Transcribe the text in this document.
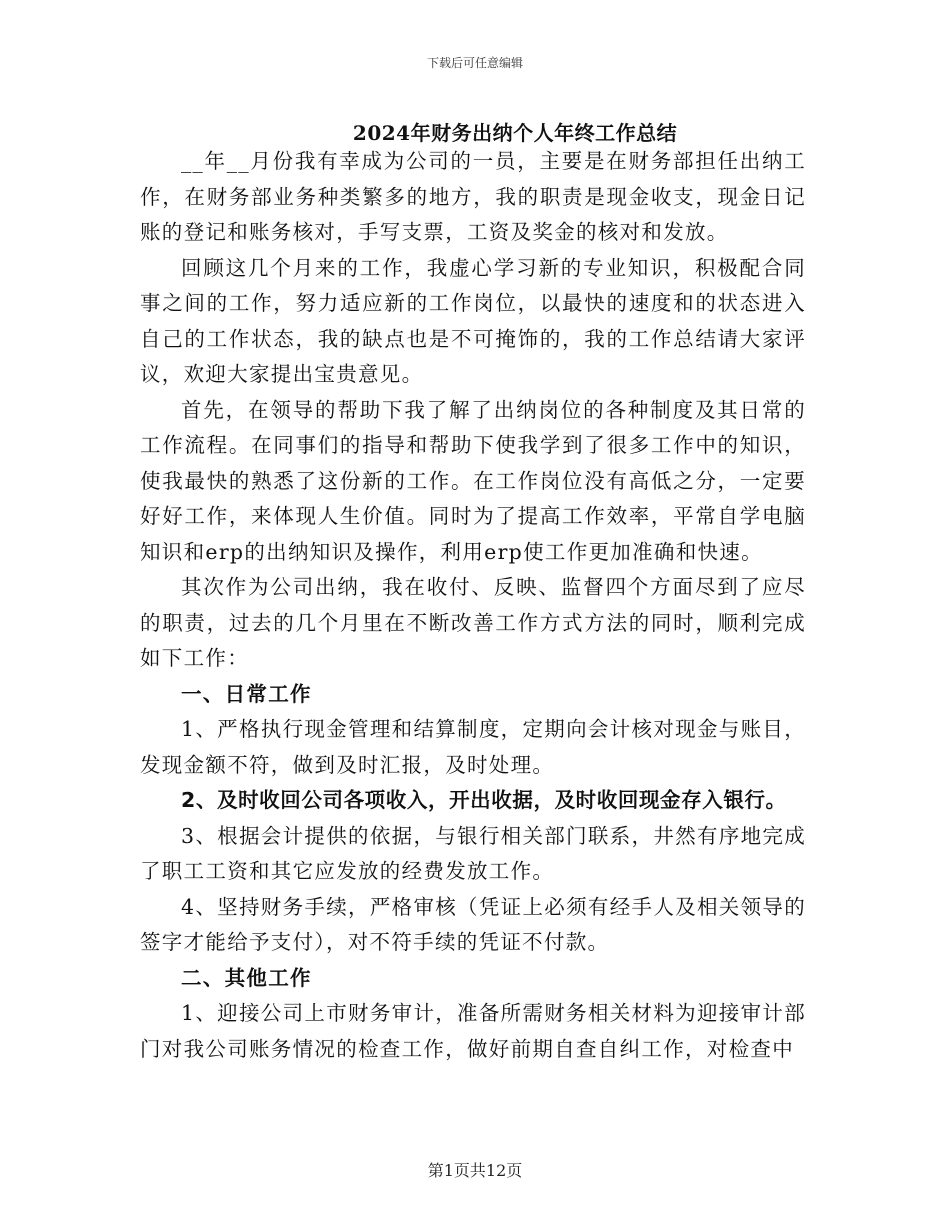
下载后可任意编辑
2024年财务出纳个人年终工作总结

__年__月份我有幸成为公司的一员，主要是在财务部担任出纳工作，在财务部业务种类繁多的地方，我的职责是现金收支，现金日记账的登记和账务核对，手写支票，工资及奖金的核对和发放。

回顾这几个月来的工作，我虚心学习新的专业知识，积极配合同事之间的工作，努力适应新的工作岗位，以最快的速度和的状态进入自己的工作状态，我的缺点也是不可掩饰的，我的工作总结请大家评议，欢迎大家提出宝贵意见。

首先，在领导的帮助下我了解了出纳岗位的各种制度及其日常的工作流程。在同事们的指导和帮助下使我学到了很多工作中的知识，使我最快的熟悉了这份新的工作。在工作岗位没有高低之分，一定要好好工作，来体现人生价值。同时为了提高工作效率，平常自学电脑知识和erp的出纳知识及操作，利用erp使工作更加准确和快速。

其次作为公司出纳，我在收付、反映、监督四个方面尽到了应尽的职责，过去的几个月里在不断改善工作方式方法的同时，顺利完成如下工作：

一、日常工作

1、严格执行现金管理和结算制度，定期向会计核对现金与账目，发现金额不符，做到及时汇报，及时处理。

2、及时收回公司各项收入，开出收据，及时收回现金存入银行。

3、根据会计提供的依据，与银行相关部门联系，井然有序地完成了职工工资和其它应发放的经费发放工作。

4、坚持财务手续，严格审核（凭证上必须有经手人及相关领导的签字才能给予支付），对不符手续的凭证不付款。

二、其他工作

1、迎接公司上市财务审计，准备所需财务相关材料为迎接审计部门对我公司账务情况的检查工作，做好前期自查自纠工作，对检查中

第1页共12页
